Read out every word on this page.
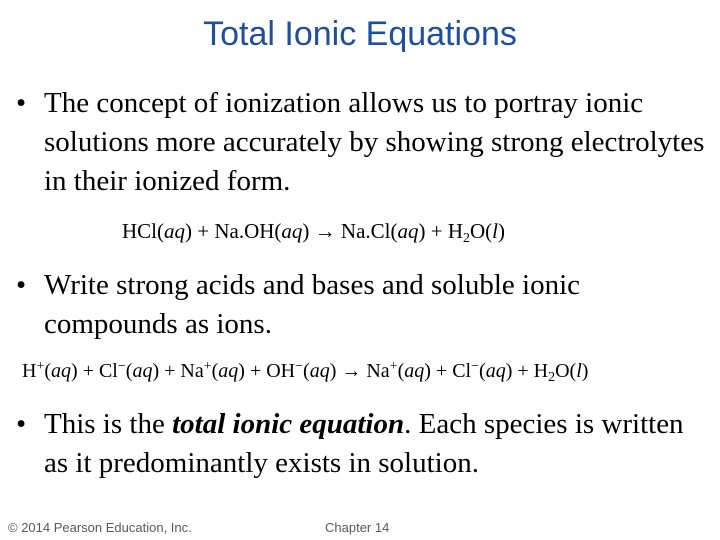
Total Ionic Equations
• The concept of ionization allows us to portray ionic solutions more accurately by showing strong electrolytes in their ionized form.
$HCl(aq) + Na.OH(aq) \to Na.Cl(aq) + H_2O(l)$
• Write strong acids and bases and soluble ionic compounds as ions.
$H^+(aq) + Cl^-(aq) + Na^+(aq) + OH^-(aq) \to Na^+(aq) + Cl^-(aq) + H_2O(l)$
• This is the total ionic equation. Each species is written as it predominantly exists in solution.
© 2014 Pearson Education, Inc.	Chapter 14
